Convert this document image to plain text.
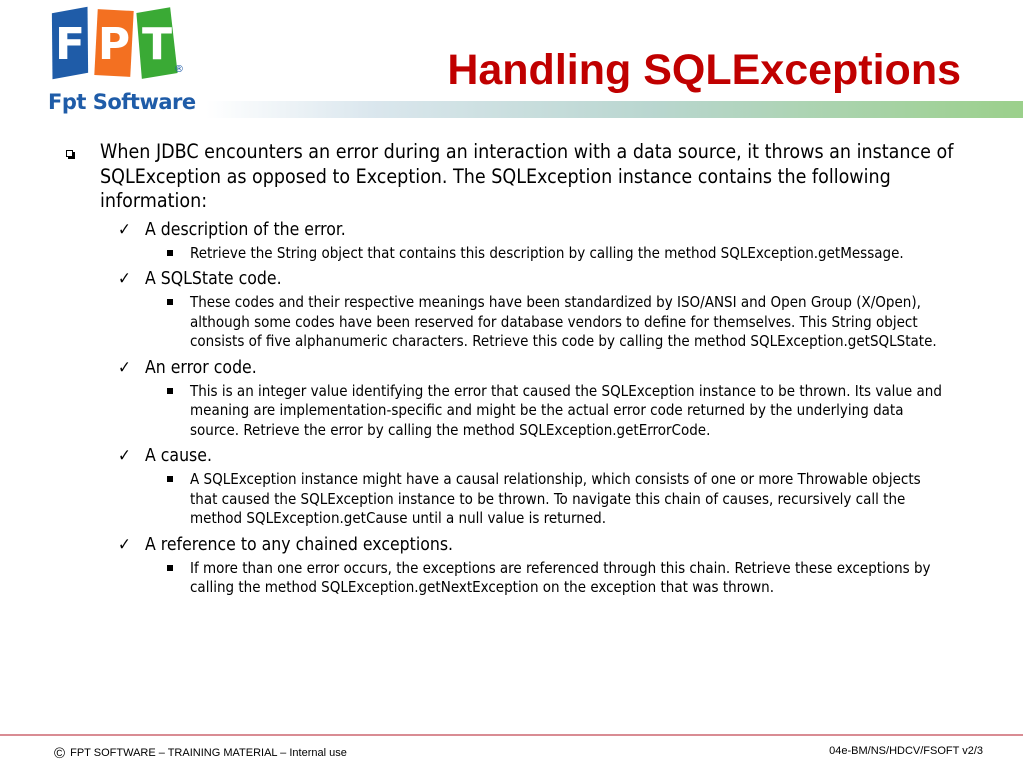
F P T ®
Fpt Software
Handling SQLExceptions
When JDBC encounters an error during an interaction with a data source, it throws an instance of SQLException as opposed to Exception. The SQLException instance contains the following information:
✓ A description of the error.
Retrieve the String object that contains this description by calling the method SQLException.getMessage.
✓ A SQLState code.
These codes and their respective meanings have been standardized by ISO/ANSI and Open Group (X/Open), although some codes have been reserved for database vendors to define for themselves. This String object consists of five alphanumeric characters. Retrieve this code by calling the method SQLException.getSQLState.
✓ An error code.
This is an integer value identifying the error that caused the SQLException instance to be thrown. Its value and meaning are implementation-specific and might be the actual error code returned by the underlying data source. Retrieve the error by calling the method SQLException.getErrorCode.
✓ A cause.
A SQLException instance might have a causal relationship, which consists of one or more Throwable objects that caused the SQLException instance to be thrown. To navigate this chain of causes, recursively call the method SQLException.getCause until a null value is returned.
✓ A reference to any chained exceptions.
If more than one error occurs, the exceptions are referenced through this chain. Retrieve these exceptions by calling the method SQLException.getNextException on the exception that was thrown.
© FPT SOFTWARE – TRAINING MATERIAL – Internal use	04e-BM/NS/HDCV/FSOFT v2/3
